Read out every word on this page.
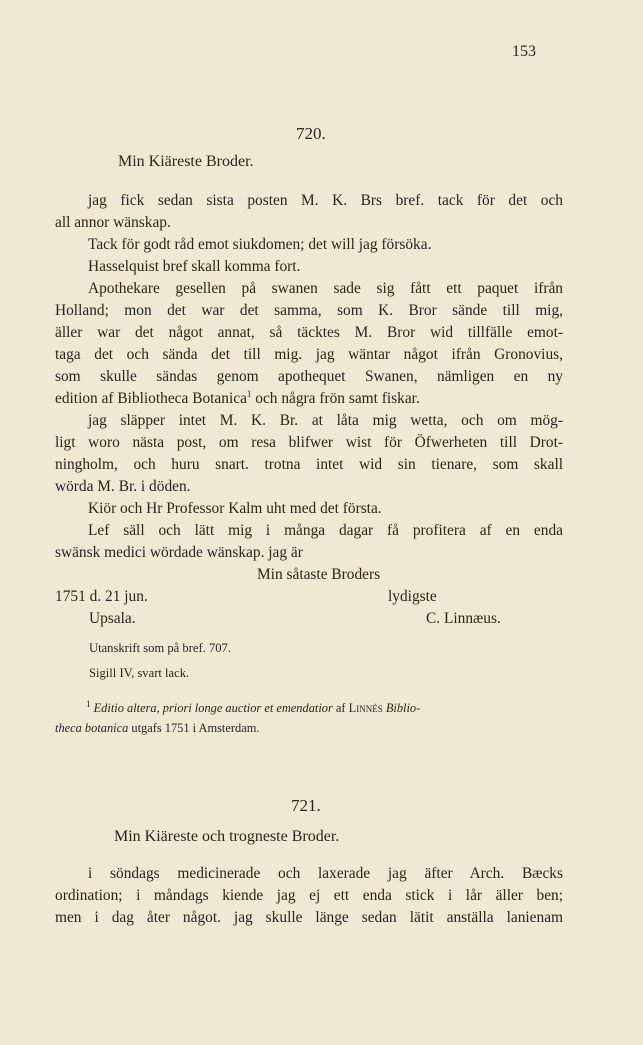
153
720.
Min Kiäreste Broder.
jag fick sedan sista posten M. K. Brs bref. tack för det och
all annor wänskap.
Tack för godt råd emot siukdomen; det will jag försöka.
Hasselquist bref skall komma fort.
Apothekare gesellen på swanen sade sig fått ett paquet ifrån
Holland; mon det war det samma, som K. Bror sände till mig,
äller war det något annat, så täcktes M. Bror wid tillfälle emot-
taga det och sända det till mig. jag wäntar något ifrån Gronovius,
som skulle sändas genom apothequet Swanen, nämligen en ny
edition af Bibliotheca Botanica$^1$ och några frön samt fiskar.
jag släpper intet M. K. Br. at låta mig wetta, och om mög-
ligt woro nästa post, om resa blifwer wist för Öfwerheten till Drot-
ningholm, och huru snart. trotna intet wid sin tienare, som skall
wörda M. Br. i döden.
Kiör och Hr Professor Kalm uht med det första.
Lef säll och lätt mig i många dagar få profitera af en enda
swänsk medici wördade wänskap. jag är
Min såtaste Broders
1751 d. 21 jun.	lydigste
Upsala.	C. Linnæus.
Utanskrift som på bref. 707.
Sigill IV, svart lack.
$^1$ Editio altera, priori longe auctior et emendatior af Linnés Biblio-
theca botanica utgafs 1751 i Amsterdam.
721.
Min Kiäreste och trogneste Broder.
i söndags medicinerade och laxerade jag äfter Arch. Bæcks
ordination; i måndags kiende jag ej ett enda stick i lår äller ben;
men i dag åter något. jag skulle länge sedan lätit anställa lanienam
